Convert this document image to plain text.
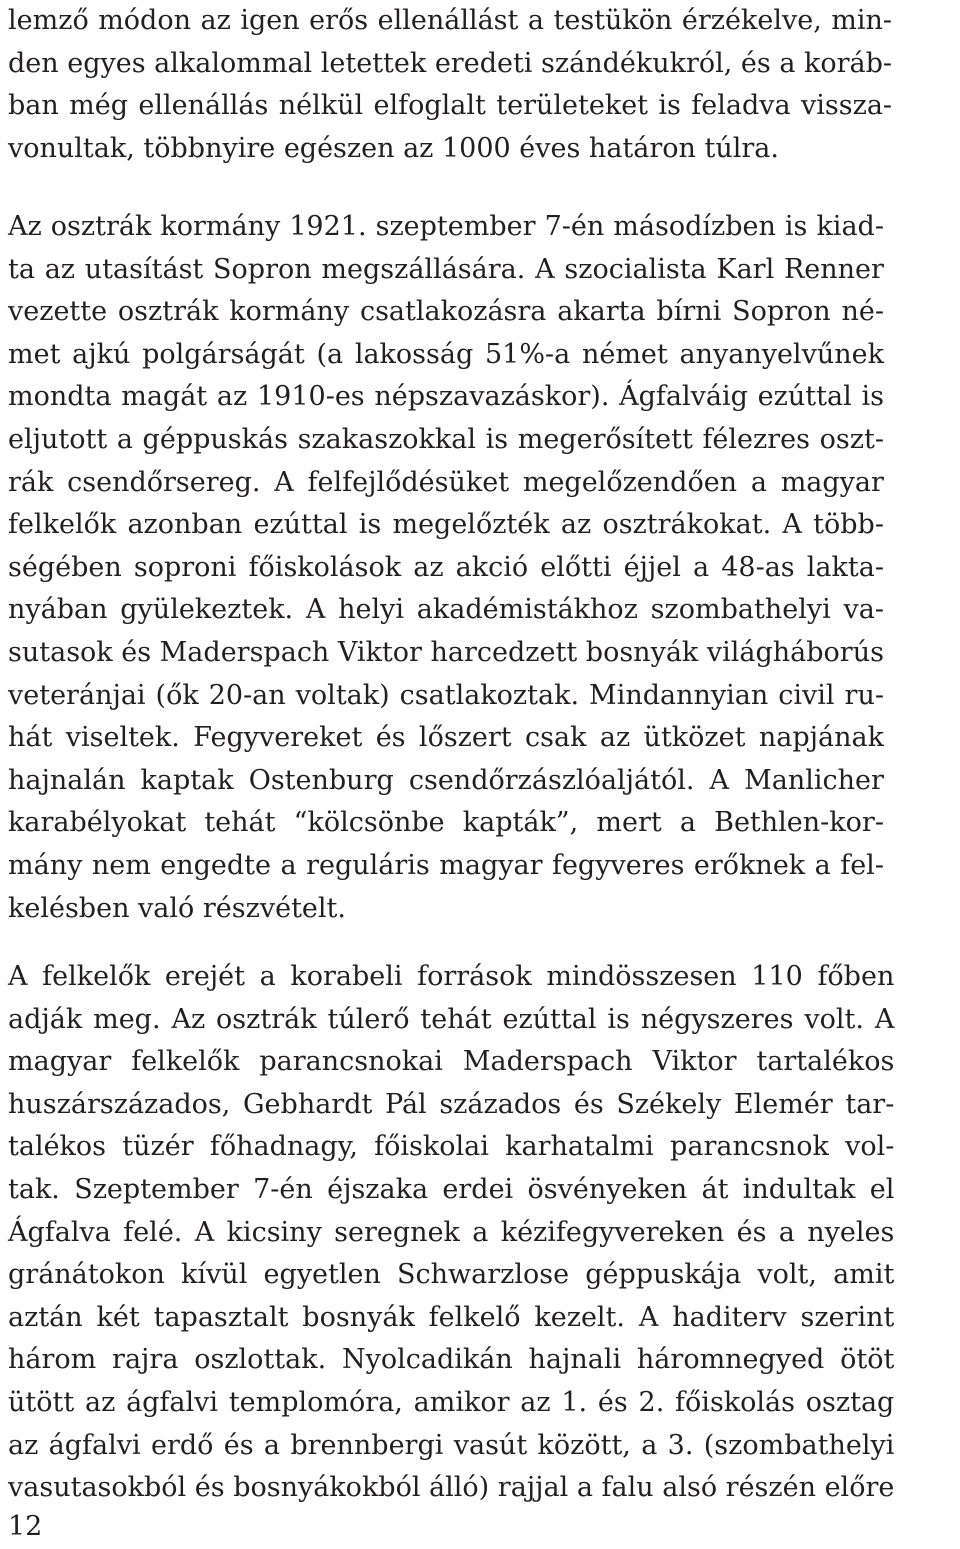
lemző módon az igen erős ellenállást a testükön érzékelve, min-
den egyes alkalommal letettek eredeti szándékukról, és a koráb-
ban még ellenállás nélkül elfoglalt területeket is feladva vissza-
vonultak, többnyire egészen az 1000 éves határon túlra.
Az osztrák kormány 1921. szeptember 7-én másodízben is kiad-
ta az utasítást Sopron megszállására. A szocialista Karl Renner
vezette osztrák kormány csatlakozásra akarta bírni Sopron né-
met ajkú polgárságát (a lakosság 51%-a német anyanyelvűnek
mondta magát az 1910-es népszavazáskor). Ágfalváig ezúttal is
eljutott a géppuskás szakaszokkal is megerősített félezres oszt-
rák csendőrsereg. A felfejlődésüket megelőzendően a magyar
felkelők azonban ezúttal is megelőzték az osztrákokat. A több-
ségében soproni főiskolások az akció előtti éjjel a 48-as lakta-
nyában gyülekeztek. A helyi akadémistákhoz szombathelyi va-
sutasok és Maderspach Viktor harcedzett bosnyák világháborús
veteránjai (ők 20-an voltak) csatlakoztak. Mindannyian civil ru-
hát viseltek. Fegyvereket és lőszert csak az ütközet napjának
hajnalán kaptak Ostenburg csendőrzászlóaljától. A Manlicher
karabélyokat tehát “kölcsönbe kapták”, mert a Bethlen-kor-
mány nem engedte a reguláris magyar fegyveres erőknek a fel-
kelésben való részvételt.
A felkelők erejét a korabeli források mindösszesen 110 főben
adják meg. Az osztrák túlerő tehát ezúttal is négyszeres volt. A
magyar felkelők parancsnokai Maderspach Viktor tartalékos
huszárszázados, Gebhardt Pál százados és Székely Elemér tar-
talékos tüzér főhadnagy, főiskolai karhatalmi parancsnok vol-
tak. Szeptember 7-én éjszaka erdei ösvényeken át indultak el
Ágfalva felé. A kicsiny seregnek a kézifegyvereken és a nyeles
gránátokon kívül egyetlen Schwarzlose géppuskája volt, amit
aztán két tapasztalt bosnyák felkelő kezelt. A haditerv szerint
három rajra oszlottak. Nyolcadikán hajnali háromnegyed ötöt
ütött az ágfalvi templomóra, amikor az 1. és 2. főiskolás osztag
az ágfalvi erdő és a brennbergi vasút között, a 3. (szombathelyi
vasutasokból és bosnyákokból álló) rajjal a falu alsó részén előre
12
